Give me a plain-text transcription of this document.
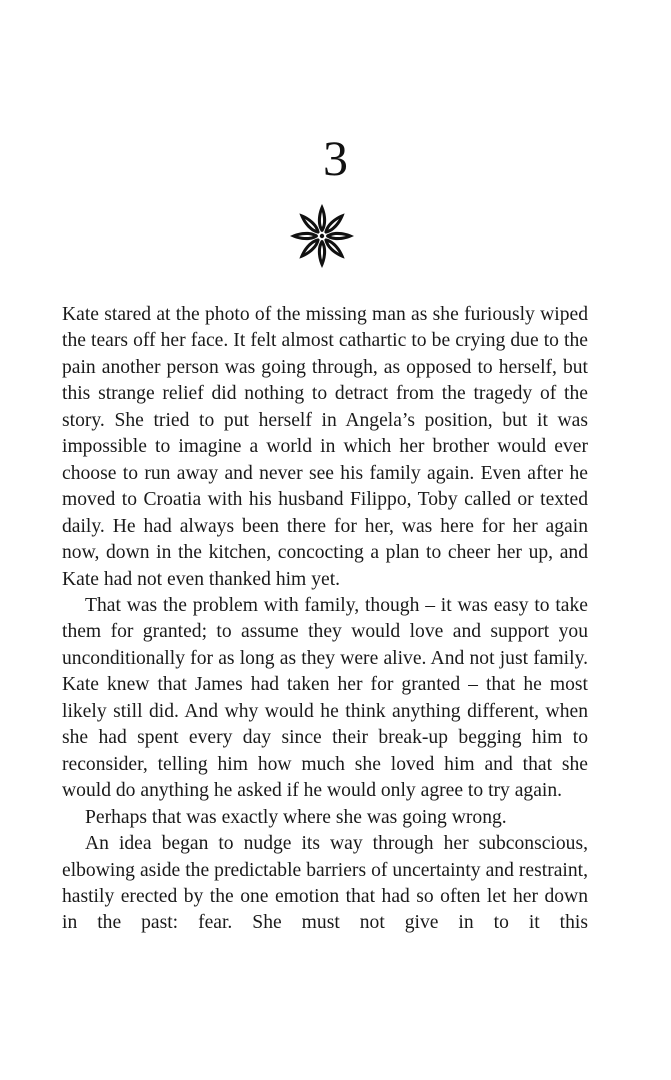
3

Kate stared at the photo of the missing man as she furiously wiped the tears off her face. It felt almost cathartic to be crying due to the pain another person was going through, as opposed to herself, but this strange relief did nothing to detract from the tragedy of the story. She tried to put herself in Angela’s position, but it was impossible to imagine a world in which her brother would ever choose to run away and never see his family again. Even after he moved to Croatia with his husband Filippo, Toby called or texted daily. He had always been there for her, was here for her again now, down in the kitchen, concocting a plan to cheer her up, and Kate had not even thanked him yet.

That was the problem with family, though – it was easy to take them for granted; to assume they would love and support you unconditionally for as long as they were alive. And not just family. Kate knew that James had taken her for granted – that he most likely still did. And why would he think anything different, when she had spent every day since their break-up begging him to reconsider, telling him how much she loved him and that she would do anything he asked if he would only agree to try again.

Perhaps that was exactly where she was going wrong.

An idea began to nudge its way through her subconscious, elbowing aside the predictable barriers of uncertainty and restraint, hastily erected by the one emotion that had so often let her down in the past: fear. She must not give in to it this
